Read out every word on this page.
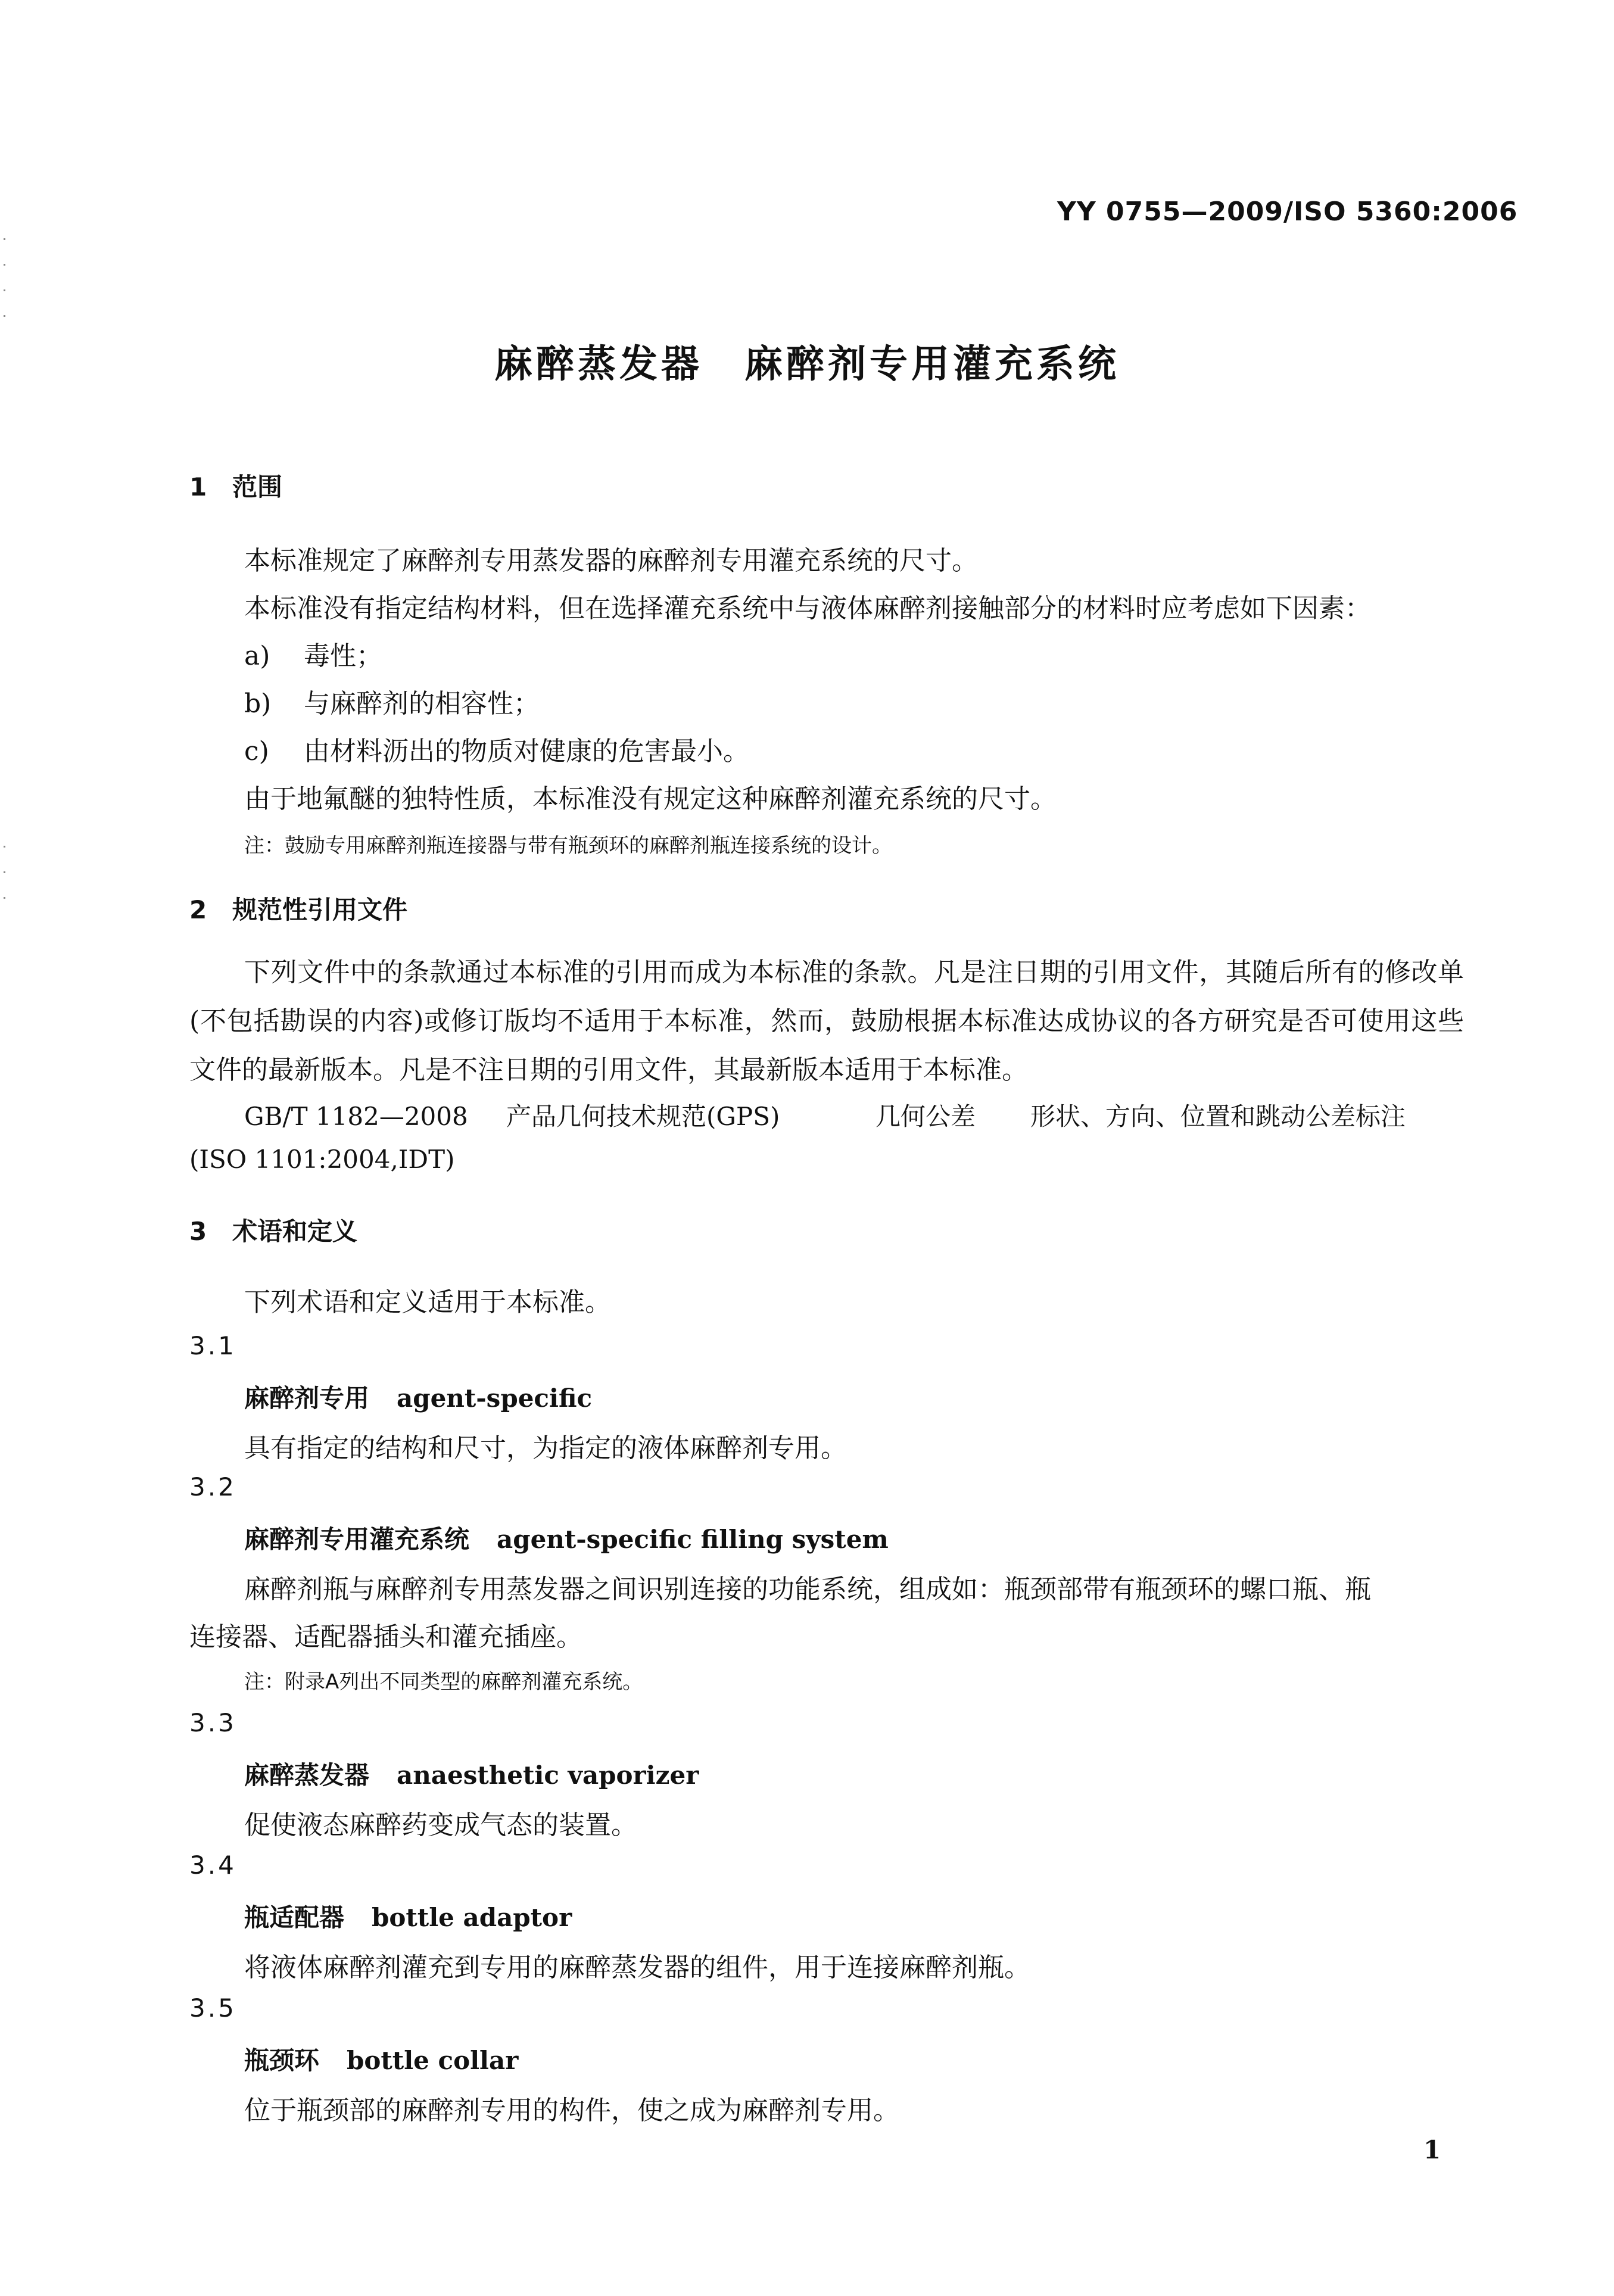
YY 0755—2009/ISO 5360:2006
麻醉蒸发器　麻醉剂专用灌充系统
1 范围
本标准规定了麻醉剂专用蒸发器的麻醉剂专用灌充系统的尺寸。
本标准没有指定结构材料，但在选择灌充系统中与液体麻醉剂接触部分的材料时应考虑如下因素：
a) 毒性；
b) 与麻醉剂的相容性；
c) 由材料沥出的物质对健康的危害最小。
由于地氟醚的独特性质，本标准没有规定这种麻醉剂灌充系统的尺寸。
注：鼓励专用麻醉剂瓶连接器与带有瓶颈环的麻醉剂瓶连接系统的设计。
2 规范性引用文件
下列文件中的条款通过本标准的引用而成为本标准的条款。凡是注日期的引用文件，其随后所有的修改单(不包括勘误的内容)或修订版均不适用于本标准，然而，鼓励根据本标准达成协议的各方研究是否可使用这些文件的最新版本。凡是不注日期的引用文件，其最新版本适用于本标准。
GB/T 1182—2008 产品几何技术规范(GPS)	几何公差 形状、方向、位置和跳动公差标注
(ISO 1101:2004,IDT)
3 术语和定义
下列术语和定义适用于本标准。
3.1
麻醉剂专用 agent-specific
具有指定的结构和尺寸，为指定的液体麻醉剂专用。
3.2
麻醉剂专用灌充系统 agent-specific filling system
麻醉剂瓶与麻醉剂专用蒸发器之间识别连接的功能系统，组成如：瓶颈部带有瓶颈环的螺口瓶、瓶
连接器、适配器插头和灌充插座。
注：附录A列出不同类型的麻醉剂灌充系统。
3.3
麻醉蒸发器 anaesthetic vaporizer
促使液态麻醉药变成气态的装置。
3.4
瓶适配器 bottle adaptor
将液体麻醉剂灌充到专用的麻醉蒸发器的组件，用于连接麻醉剂瓶。
3.5
瓶颈环 bottle collar
位于瓶颈部的麻醉剂专用的构件，使之成为麻醉剂专用。
1
